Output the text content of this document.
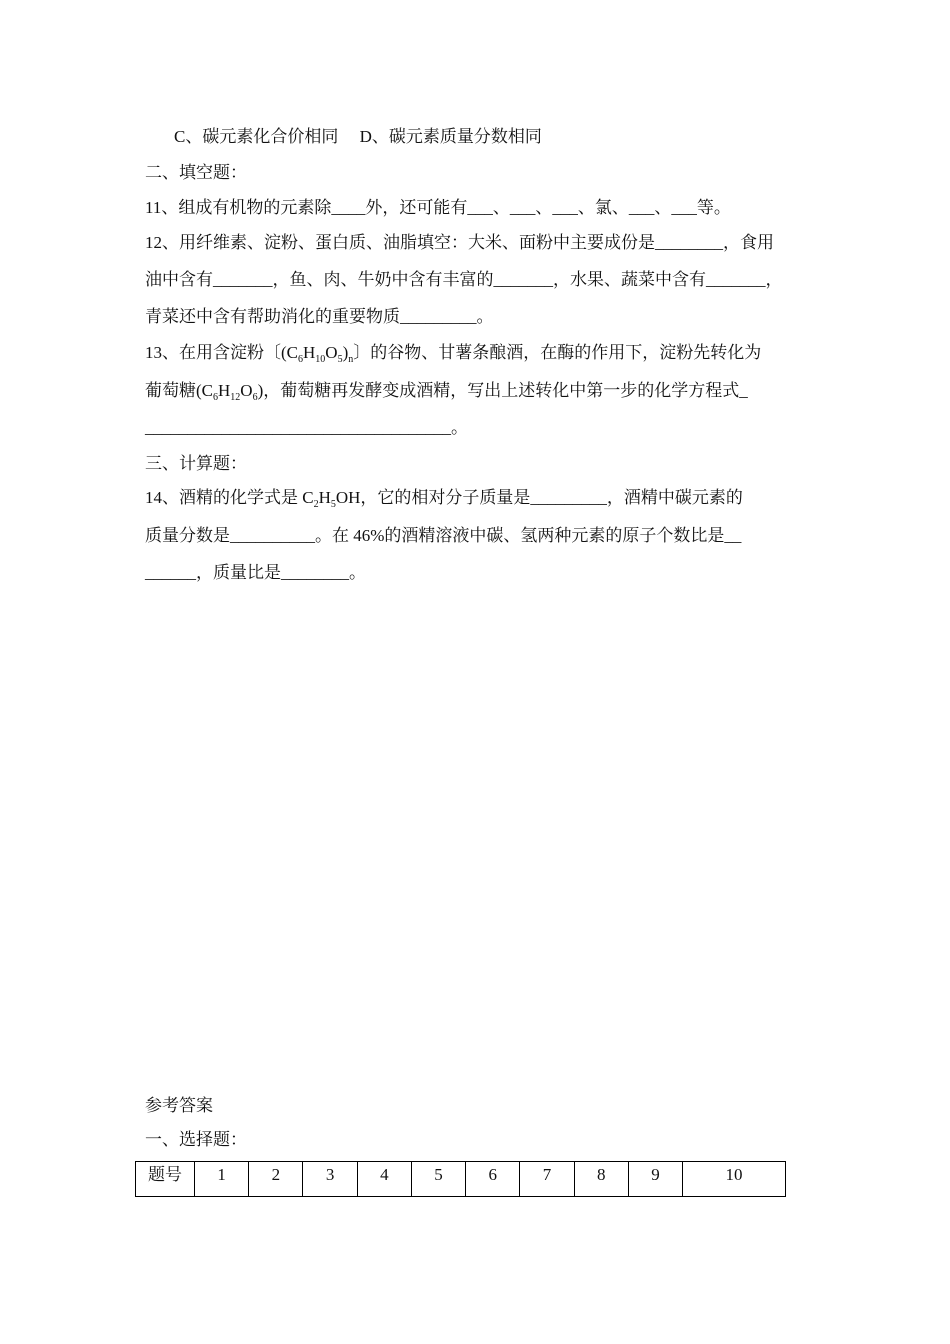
C、碳元素化合价相同     D、碳元素质量分数相同
二、填空题：
11、组成有机物的元素除____外，还可能有___、___、___、氯、___、___等。
12、用纤维素、淀粉、蛋白质、油脂填空：大米、面粉中主要成份是________，食用
油中含有_______，鱼、肉、牛奶中含有丰富的_______，水果、蔬菜中含有_______，
青菜还中含有帮助消化的重要物质_________。
13、在用含淀粉〔$(C_6H_{10}O_5)_n$〕的谷物、甘薯条酿酒，在酶的作用下，淀粉先转化为
葡萄糖$(C_6H_{12}O_6)$，葡萄糖再发酵变成酒精，写出上述转化中第一步的化学方程式_
____________________________________。
三、计算题：
14、酒精的化学式是 $C_2H_5OH$，它的相对分子质量是_________，酒精中碳元素的
质量分数是__________。在 46%的酒精溶液中碳、氢两种元素的原子个数比是__
______，质量比是________。
参考答案
一、选择题：
题号	1	2	3	4	5	6	7	8	9	10
